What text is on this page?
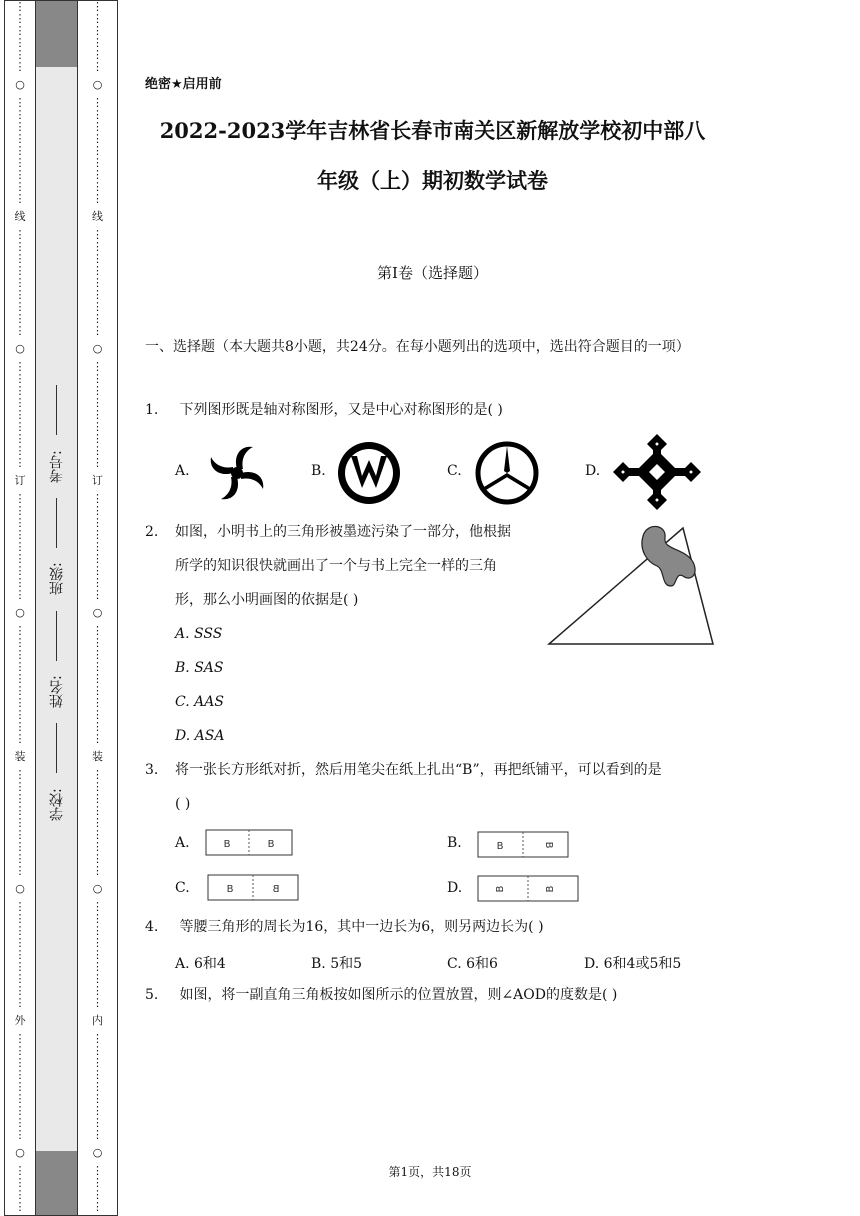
⋮
⋮
⋮
⋮
⋮
⋮
○
⋮
⋮
⋮
⋮
⋮
⋮
⋮
⋮
⋮
线
⋮
⋮
⋮
⋮
⋮
⋮
⋮
⋮
⋮
○
⋮
⋮
⋮
⋮
⋮
⋮
⋮
⋮
⋮
订
⋮
⋮
⋮
⋮
⋮
⋮
⋮
⋮
⋮
○
⋮
⋮
⋮
⋮
⋮
⋮
⋮
⋮
⋮
⋮
装
⋮
⋮
⋮
⋮
⋮
⋮
⋮
⋮
⋮
○
⋮
⋮
⋮
⋮
⋮
⋮
⋮
⋮
⋮
外
⋮
⋮
⋮
⋮
⋮
⋮
⋮
⋮
⋮
○
⋮
⋮
⋮
⋮
学校:
姓名:
班级:
考号:
⋮
⋮
⋮
⋮
⋮
⋮
○
⋮
⋮
⋮
⋮
⋮
⋮
⋮
⋮
⋮
线
⋮
⋮
⋮
⋮
⋮
⋮
⋮
⋮
⋮
○
⋮
⋮
⋮
⋮
⋮
⋮
⋮
⋮
⋮
订
⋮
⋮
⋮
⋮
⋮
⋮
⋮
⋮
⋮
○
⋮
⋮
⋮
⋮
⋮
⋮
⋮
⋮
⋮
⋮
装
⋮
⋮
⋮
⋮
⋮
⋮
⋮
⋮
⋮
○
⋮
⋮
⋮
⋮
⋮
⋮
⋮
⋮
⋮
内
⋮
⋮
⋮
⋮
⋮
⋮
⋮
⋮
⋮
○
⋮
⋮
⋮
⋮
绝密★启用前
2022-2023学年吉林省长春市南关区新解放学校初中部八
年级（上）期初数学试卷
第I卷（选择题）
一、选择题（本大题共8小题，共24分。在每小题列出的选项中，选出符合题目的一项）
1. 下列图形既是轴对称图形，又是中心对称图形的是( )
A.	B.	C.	D.
2. 如图，小明书上的三角形被墨迹污染了一部分，他根据
所学的知识很快就画出了一个与书上完全一样的三角
形，那么小明画图的依据是( )
A. SSS
B. SAS
C. AAS
D. ASA
3. 将一张长方形纸对折，然后用笔尖在纸上扎出“B”，再把纸铺平，可以看到的是
( )
A.	B	B	B.	B	B
C.	B	B	D.	B	B
4. 等腰三角形的周长为16，其中一边长为6，则另两边长为( )
A. 6和4	B. 5和5	C. 6和6	D. 6和4或5和5
5. 如图，将一副直角三角板按如图所示的位置放置，则∠AOD的度数是( )
第1页，共18页
